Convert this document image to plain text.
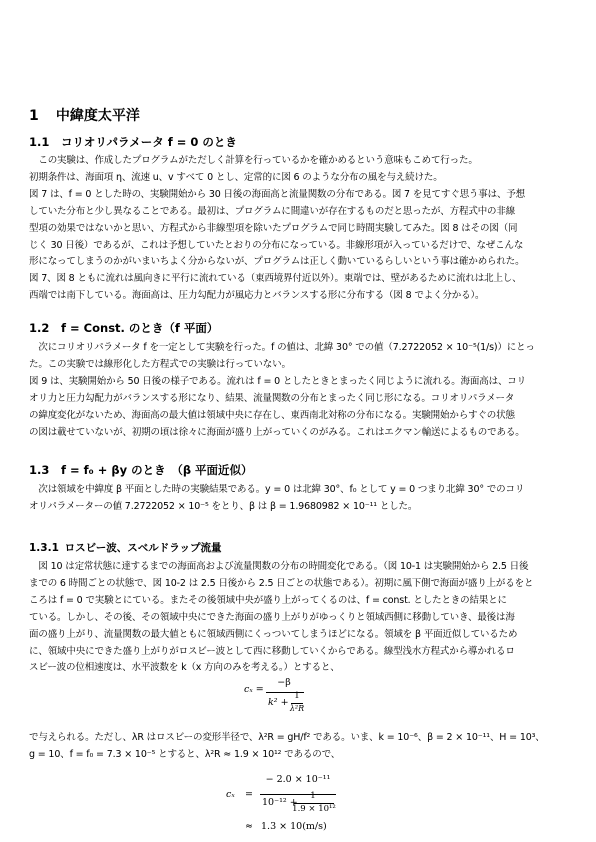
1 中緯度太平洋
1.1 コリオリパラメータ f = 0 のとき
　この実験は、作成したプログラムがただしく計算を行っているかを確かめるという意味もこめて行った。
初期条件は、海面項 η、流速 u、v すべて 0 とし、定常的に図 6 のような分布の風を与え続けた。
図 7 は、f = 0 とした時の、実験開始から 30 日後の海面高と流量関数の分布である。図 7 を見てすぐ思う事は、予想
していた分布と少し異なることである。最初は、プログラムに間違いが存在するものだと思ったが、方程式中の非線
型項の効果ではないかと思い、方程式から非線型項を除いたプログラムで同じ時間実験してみた。図 8 はその図（同
じく 30 日後）であるが、これは予想していたとおりの分布になっている。非線形項が入っているだけで、なぜこんな
形になってしまうのかがいまいちよく分からないが、プログラムは正しく動いているらしいという事は確かめられた。
図 7、図 8 ともに流れは風向きに平行に流れている（東西境界付近以外）。東端では、壁があるために流れは北上し、
西端では南下している。海面高は、圧力勾配力が風応力とバランスする形に分布する（図 8 でよく分かる）。
1.2 f = Const. のとき（f 平面）
　次にコリオリパラメータ f を一定として実験を行った。f の値は、北緯 30° での値（7.2722052 × 10⁻⁵(1/s)）にとっ
た。この実験では線形化した方程式での実験は行っていない。
図 9 は、実験開始から 50 日後の様子である。流れは f = 0 としたときとまったく同じように流れる。海面高は、コリ
オリ力と圧力勾配力がバランスする形になり、結果、流量関数の分布とまったく同じ形になる。コリオリパラメータ
の緯度変化がないため、海面高の最大値は領域中央に存在し、東西南北対称の分布になる。実験開始からすぐの状態
の図は載せていないが、初期の頃は徐々に海面が盛り上がっていくのがみる。これはエクマン輸送によるものである。
1.3 f = f₀ + βy のとき　（β 平面近似）
　次は領域を中緯度 β 平面とした時の実験結果である。y = 0 は北緯 30°、f₀ として y = 0 つまり北緯 30° でのコリ
オリパラメーターの値 7.2722052 × 10⁻⁵ をとり、β は β = 1.9680982 × 10⁻¹¹ とした。
1.3.1 ロスビー波、スベルドラップ流量
　図 10 は定常状態に達するまでの海面高および流量関数の分布の時間変化である。（図 10-1 は実験開始から 2.5 日後
までの 6 時間ごとの状態で、図 10-2 は 2.5 日後から 2.5 日ごとの状態である）。初期に風下側で海面が盛り上がるをと
ころは f = 0 で実験とにている。またその後領域中央が盛り上がってくるのは、f = const. としたときの結果とに
ている。しかし、その後、その領域中央にできた海面の盛り上がりがゆっくりと領域西側に移動していき、最後は海
面の盛り上がり、流量関数の最大値ともに領域西側にくっついてしまうほどになる。領域を β 平面近似しているため
に、領域中央にできた盛り上がりがロスビー波として西に移動していくからである。線型浅水方程式から導かれるロ
スビー波の位相速度は、水平波数を k（x 方向のみを考える。）とすると、
cₓ =
−β
k² +
1
λ²R
で与えられる。ただし、λR はロスビーの変形半径で、λ²R = gH/f² である。いま、k = 10⁻⁶、β = 2 × 10⁻¹¹、H = 10³、
g = 10、f = f₀ = 7.3 × 10⁻⁵ とすると、λ²R ≈ 1.9 × 10¹² であるので、
cₓ =
− 2.0 × 10⁻¹¹
10⁻¹² +
1
1.9 × 10¹²
≈ 1.3 × 10(m/s)
